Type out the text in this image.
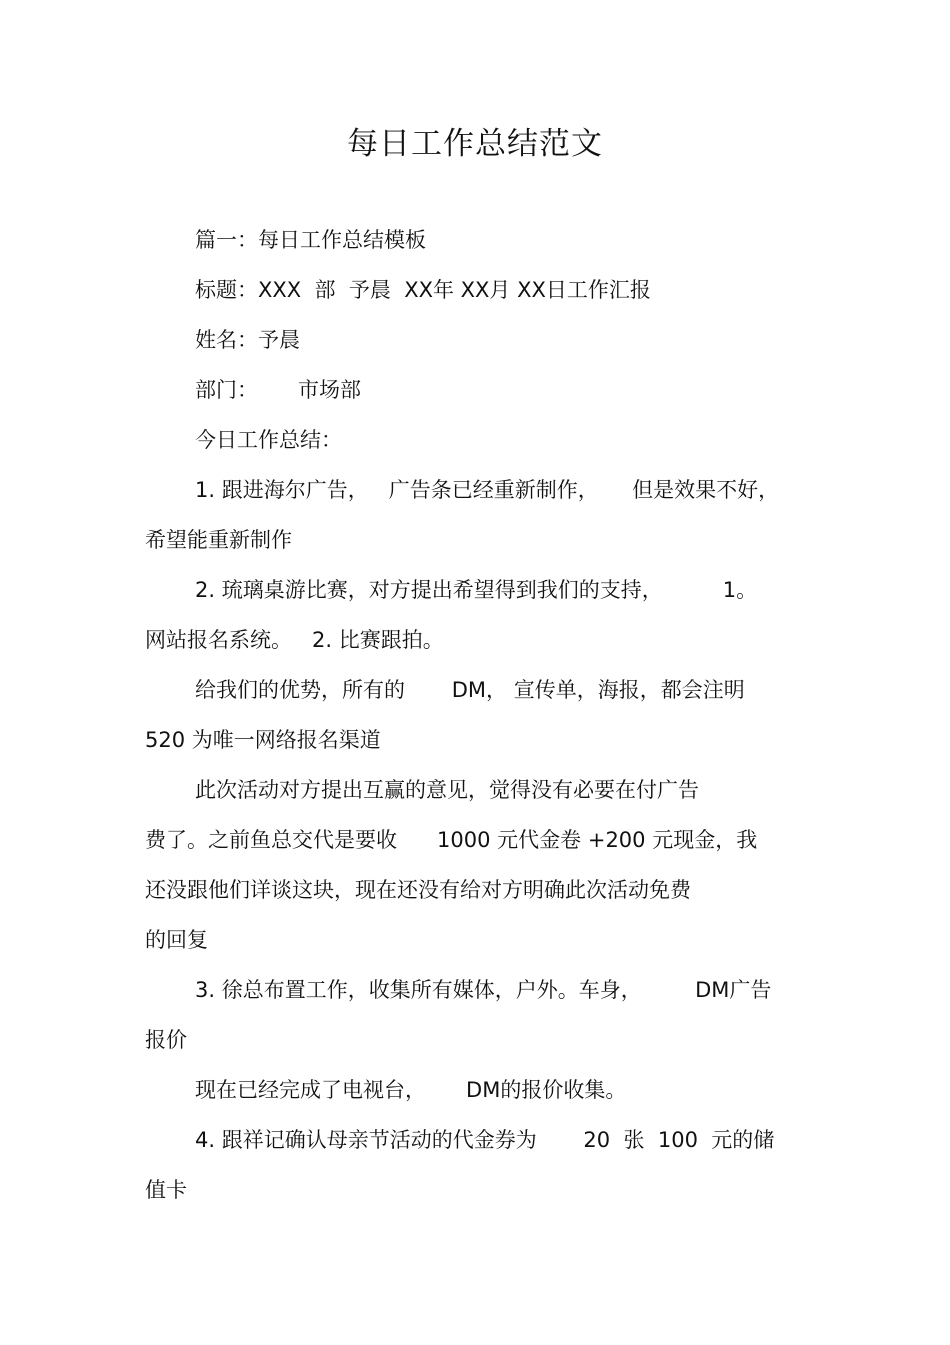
每日工作总结范文
篇一：每日工作总结模板
标题：XXX  部  予晨  XX年 XX月 XX日工作汇报
姓名：予晨
部门：      市场部
今日工作总结：
1. 跟进海尔广告，   广告条已经重新制作，     但是效果不好，
希望能重新制作
2. 琉璃桌游比赛，对方提出希望得到我们的支持，         1。
网站报名系统。   2. 比赛跟拍。
给我们的优势，所有的       DM， 宣传单，海报，都会注明
520 为唯一网络报名渠道
此次活动对方提出互赢的意见，觉得没有必要在付广告
费了。之前鱼总交代是要收      1000 元代金卷 +200 元现金，我
还没跟他们详谈这块，现在还没有给对方明确此次活动免费
的回复
3. 徐总布置工作，收集所有媒体，户外。车身，        DM广告
报价
现在已经完成了电视台，      DM的报价收集。
4. 跟祥记确认母亲节活动的代金券为       20  张  100  元的储
值卡
